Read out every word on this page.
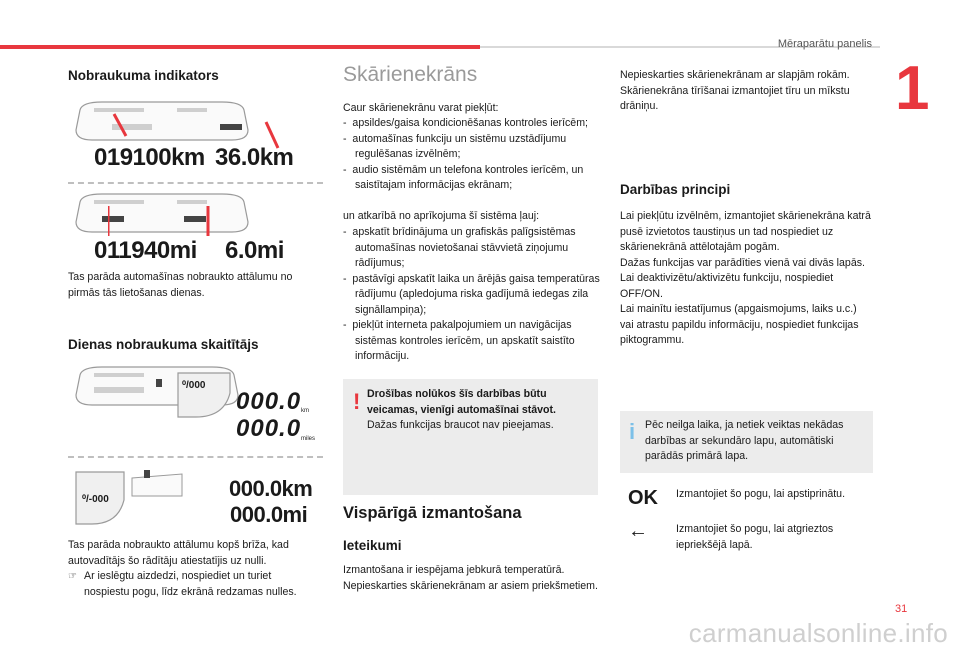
Mēraparātu panelis
1
31
carmanualsonline.info
Nobraukuma indikators
019100km 36.0km
011940mi 6.0mi
Tas parāda automašīnas nobraukto attālumu no pirmās tās lietošanas dienas.
Dienas nobraukuma skaitītājs
⁰/000
000.0 km
000.0 miles
⁰/-000	000.0km
000.0mi
Tas parāda nobraukto attālumu kopš brīža, kad autovadītājs šo rādītāju atiestatījis uz nulli.
☞ Ar ieslēgtu aizdedzi, nospiediet un turiet nospiestu pogu, līdz ekrānā redzamas nulles.
Skārienekrāns
Caur skārienekrānu varat piekļūt:
-  apsildes/gaisa kondicionēšanas kontroles ierīcēm;
-  automašīnas funkciju un sistēmu uzstādījumu regulēšanas izvēlnēm;
-  audio sistēmām un telefona kontroles ierīcēm, un saistītajam informācijas ekrānam;
un atkarībā no aprīkojuma šī sistēma ļauj:
-  apskatīt brīdinājuma un grafiskās palīgsistēmas automašīnas novietošanai stāvvietā ziņojumu rādījumus;
-  pastāvīgi apskatīt laika un ārējās gaisa temperatūras rādījumu (apledojuma riska gadījumā iedegas zila signāllampiņa);
-  piekļūt interneta pakalpojumiem un navigācijas sistēmas kontroles ierīcēm, un apskatīt saistīto informāciju.
! Drošības nolūkos šīs darbības būtu veicamas, vienīgi automašīnai stāvot.
Dažas funkcijas braucot nav pieejamas.
Vispārīgā izmantošana
Ieteikumi
Izmantošana ir iespējama jebkurā temperatūrā. Nepieskarties skārienekrānam ar asiem priekšmetiem.
Nepieskarties skārienekrānam ar slapjām rokām.
Skārienekrāna tīrīšanai izmantojiet tīru un mīkstu drāniņu.
Darbības principi
Lai piekļūtu izvēlnēm, izmantojiet skārienekrāna katrā pusē izvietotos taustiņus un tad nospiediet uz skārienekrānā attēlotajām pogām.
Dažas funkcijas var parādīties vienā vai divās lapās.
Lai deaktivizētu/aktivizētu funkciju, nospiediet OFF/ON.
Lai mainītu iestatījumus (apgaismojums, laiks u.c.) vai atrastu papildu informāciju, nospiediet funkcijas piktogrammu.
i Pēc neilga laika, ja netiek veiktas nekādas darbības ar sekundāro lapu, automātiski parādās primārā lapa.
OK Izmantojiet šo pogu, lai apstiprinātu.
←	Izmantojiet šo pogu, lai atgrieztos iepriekšējā lapā.
